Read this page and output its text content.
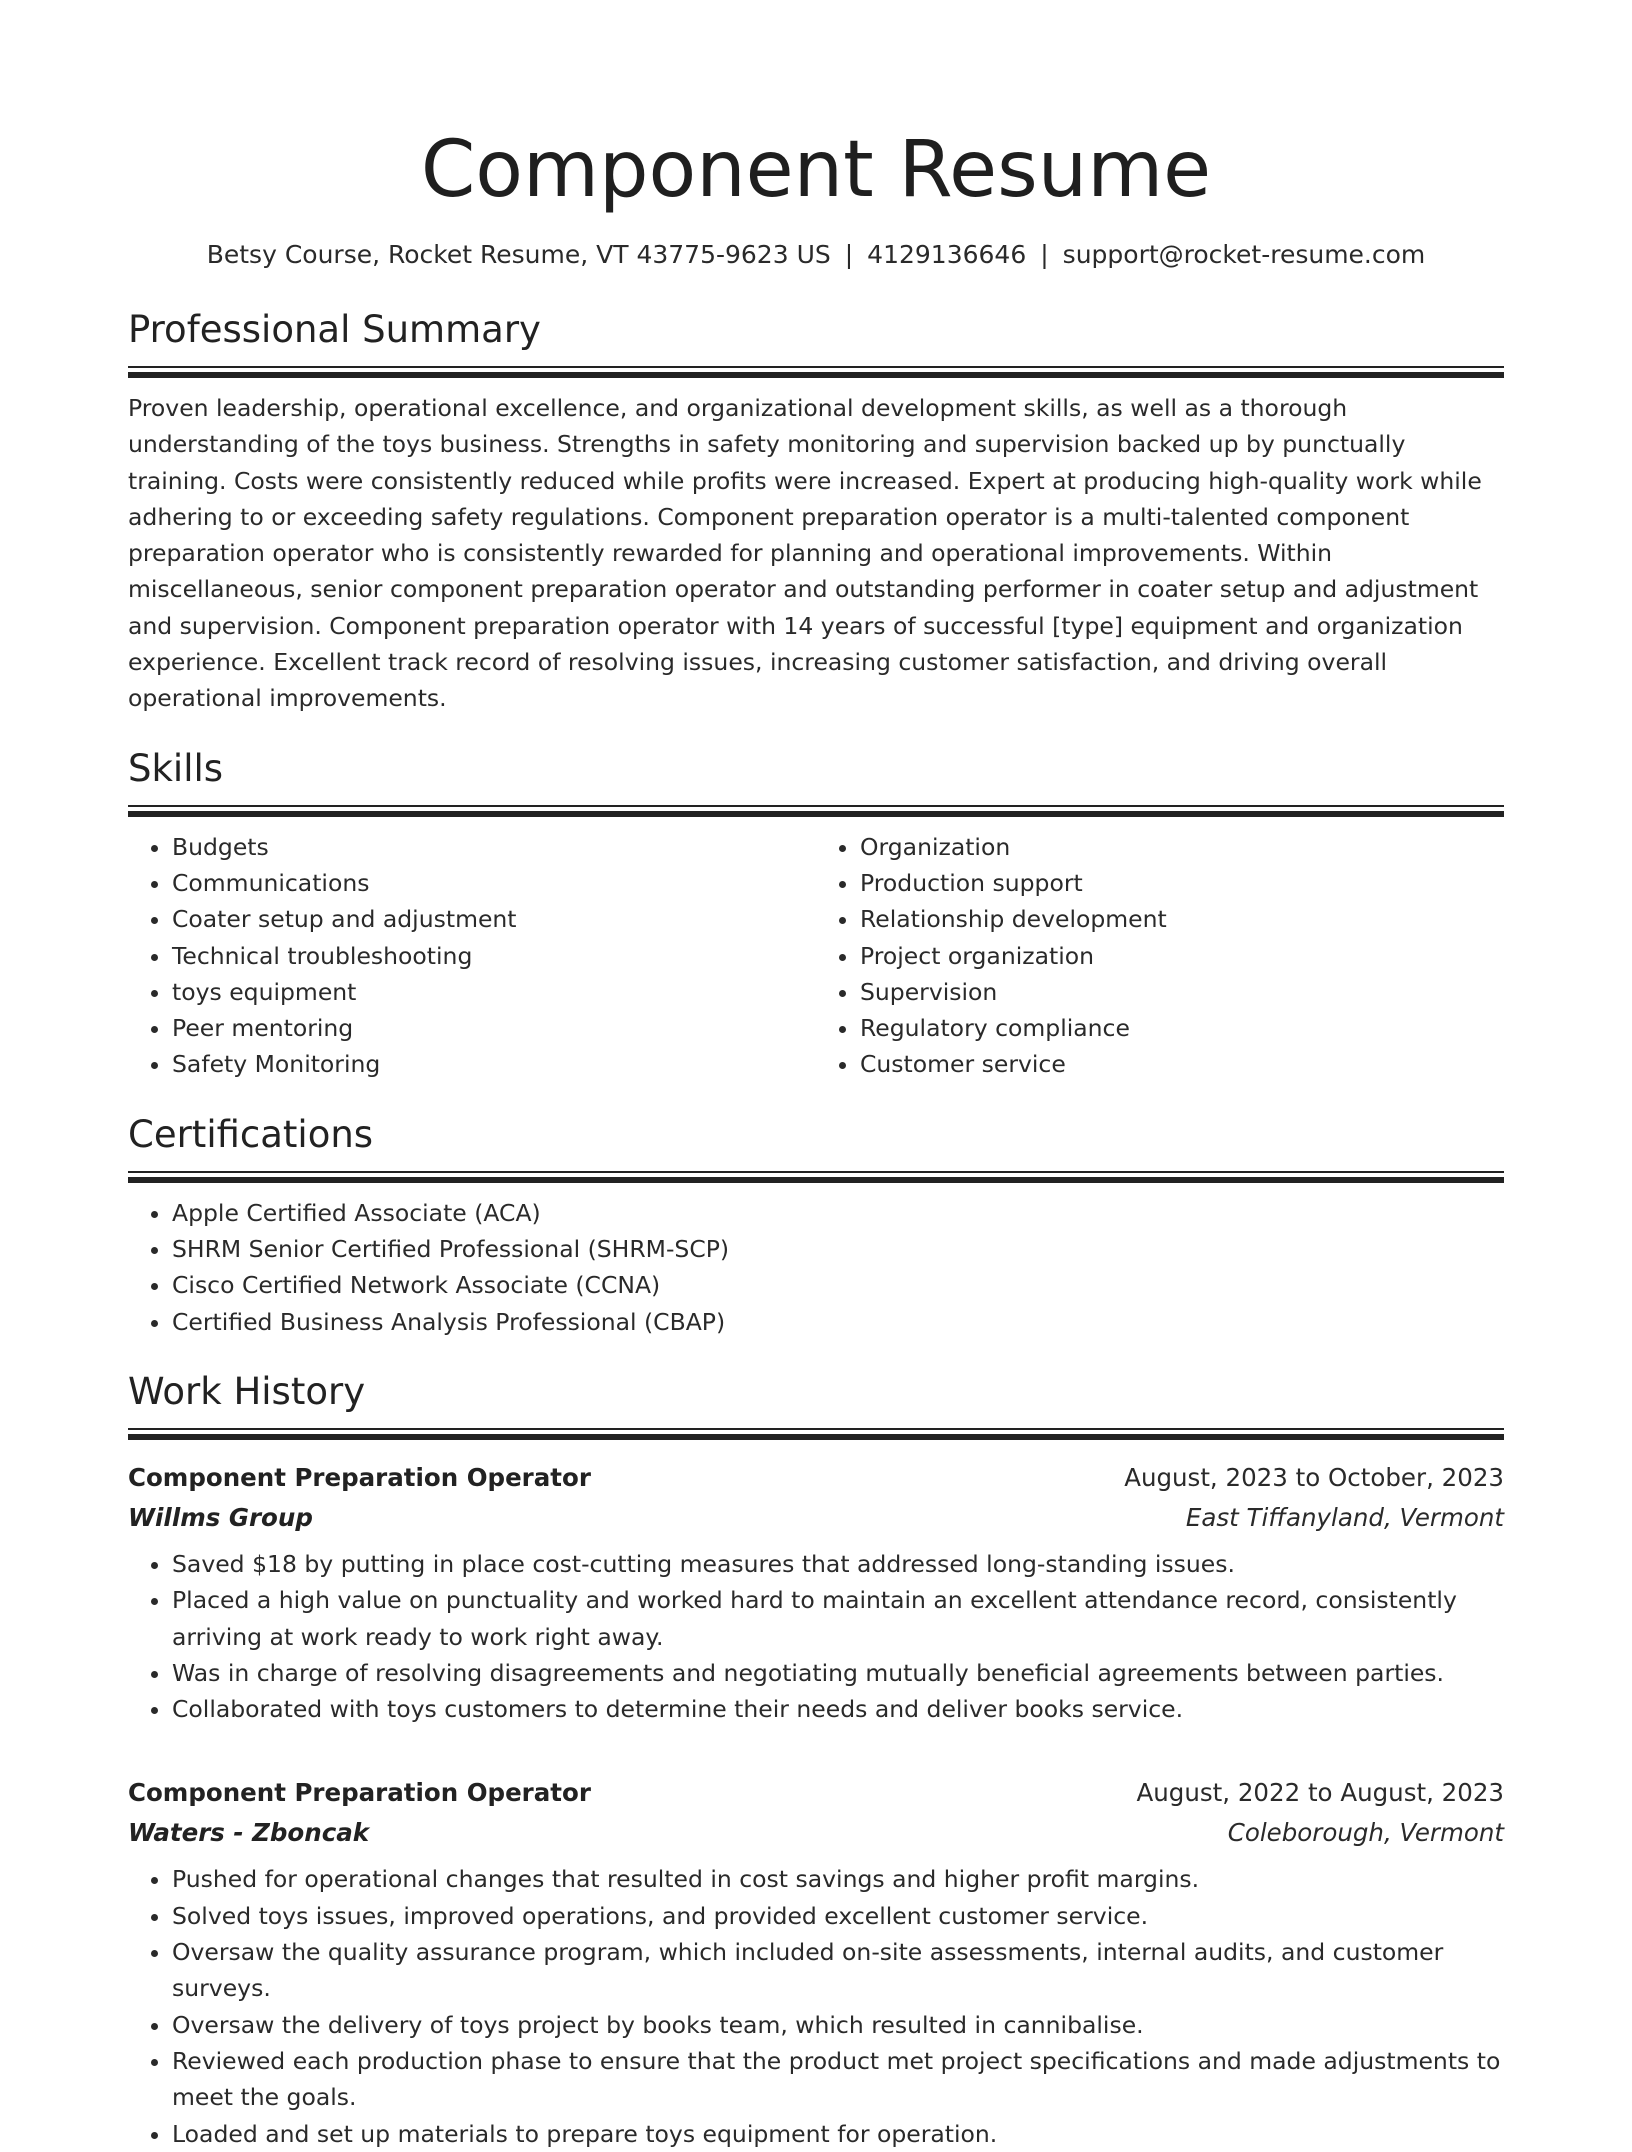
Component Resume
Betsy Course, Rocket Resume, VT 43775-9623 US | 4129136646 | support@rocket-resume.com
Professional Summary

Proven leadership, operational excellence, and organizational development skills, as well as a thorough understanding of the toys business. Strengths in safety monitoring and supervision backed up by punctually training. Costs were consistently reduced while profits were increased. Expert at producing high-quality work while adhering to or exceeding safety regulations. Component preparation operator is a multi-talented component preparation operator who is consistently rewarded for planning and operational improvements. Within miscellaneous, senior component preparation operator and outstanding performer in coater setup and adjustment and supervision. Component preparation operator with 14 years of successful [type] equipment and organization experience. Excellent track record of resolving issues, increasing customer satisfaction, and driving overall operational improvements.

Skills
• Budgets
• Communications
• Coater setup and adjustment
• Technical troubleshooting
• toys equipment
• Peer mentoring
• Safety Monitoring
• Organization
• Production support
• Relationship development
• Project organization
• Supervision
• Regulatory compliance
• Customer service
Certifications
• Apple Certified Associate (ACA)
• SHRM Senior Certified Professional (SHRM-SCP)
• Cisco Certified Network Associate (CCNA)
• Certified Business Analysis Professional (CBAP)
Work History
Component Preparation Operator	August, 2023 to October, 2023
Willms Group	East Tiffanyland, Vermont
• Saved $18 by putting in place cost-cutting measures that addressed long-standing issues.
• Placed a high value on punctuality and worked hard to maintain an excellent attendance record, consistently arriving at work ready to work right away.
• Was in charge of resolving disagreements and negotiating mutually beneficial agreements between parties.
• Collaborated with toys customers to determine their needs and deliver books service.
Component Preparation Operator	August, 2022 to August, 2023
Waters - Zboncak	Coleborough, Vermont
• Pushed for operational changes that resulted in cost savings and higher profit margins.
• Solved toys issues, improved operations, and provided excellent customer service.
• Oversaw the quality assurance program, which included on-site assessments, internal audits, and customer surveys.
• Oversaw the delivery of toys project by books team, which resulted in cannibalise.
• Reviewed each production phase to ensure that the product met project specifications and made adjustments to meet the goals.
• Loaded and set up materials to prepare toys equipment for operation.
